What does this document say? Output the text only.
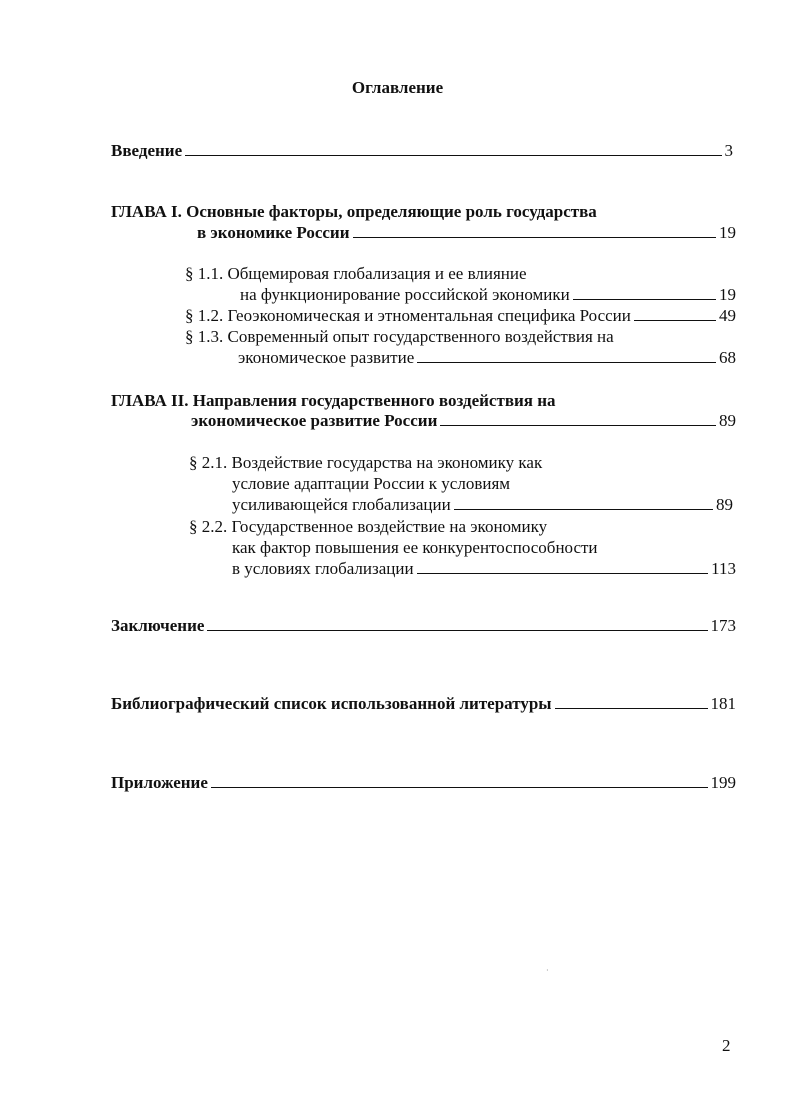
Оглавление
Введение	3
ГЛАВА I. Основные факторы, определяющие роль государства
в экономике России	19
§ 1.1. Общемировая глобализация и ее влияние
на функционирование российской экономики	19
§ 1.2. Геоэкономическая и этноментальная специфика России	49
§ 1.3. Современный опыт государственного воздействия на
экономическое развитие	68
ГЛАВА II. Направления государственного воздействия на
экономическое развитие России	89
§ 2.1. Воздействие государства на экономику как
условие адаптации России к условиям
усиливающейся глобализации	89
§ 2.2. Государственное воздействие на экономику
как фактор повышения ее конкурентоспособности
в условиях глобализации	113
Заключение	173
Библиографический список использованной литературы	181
Приложение	199
·
2
